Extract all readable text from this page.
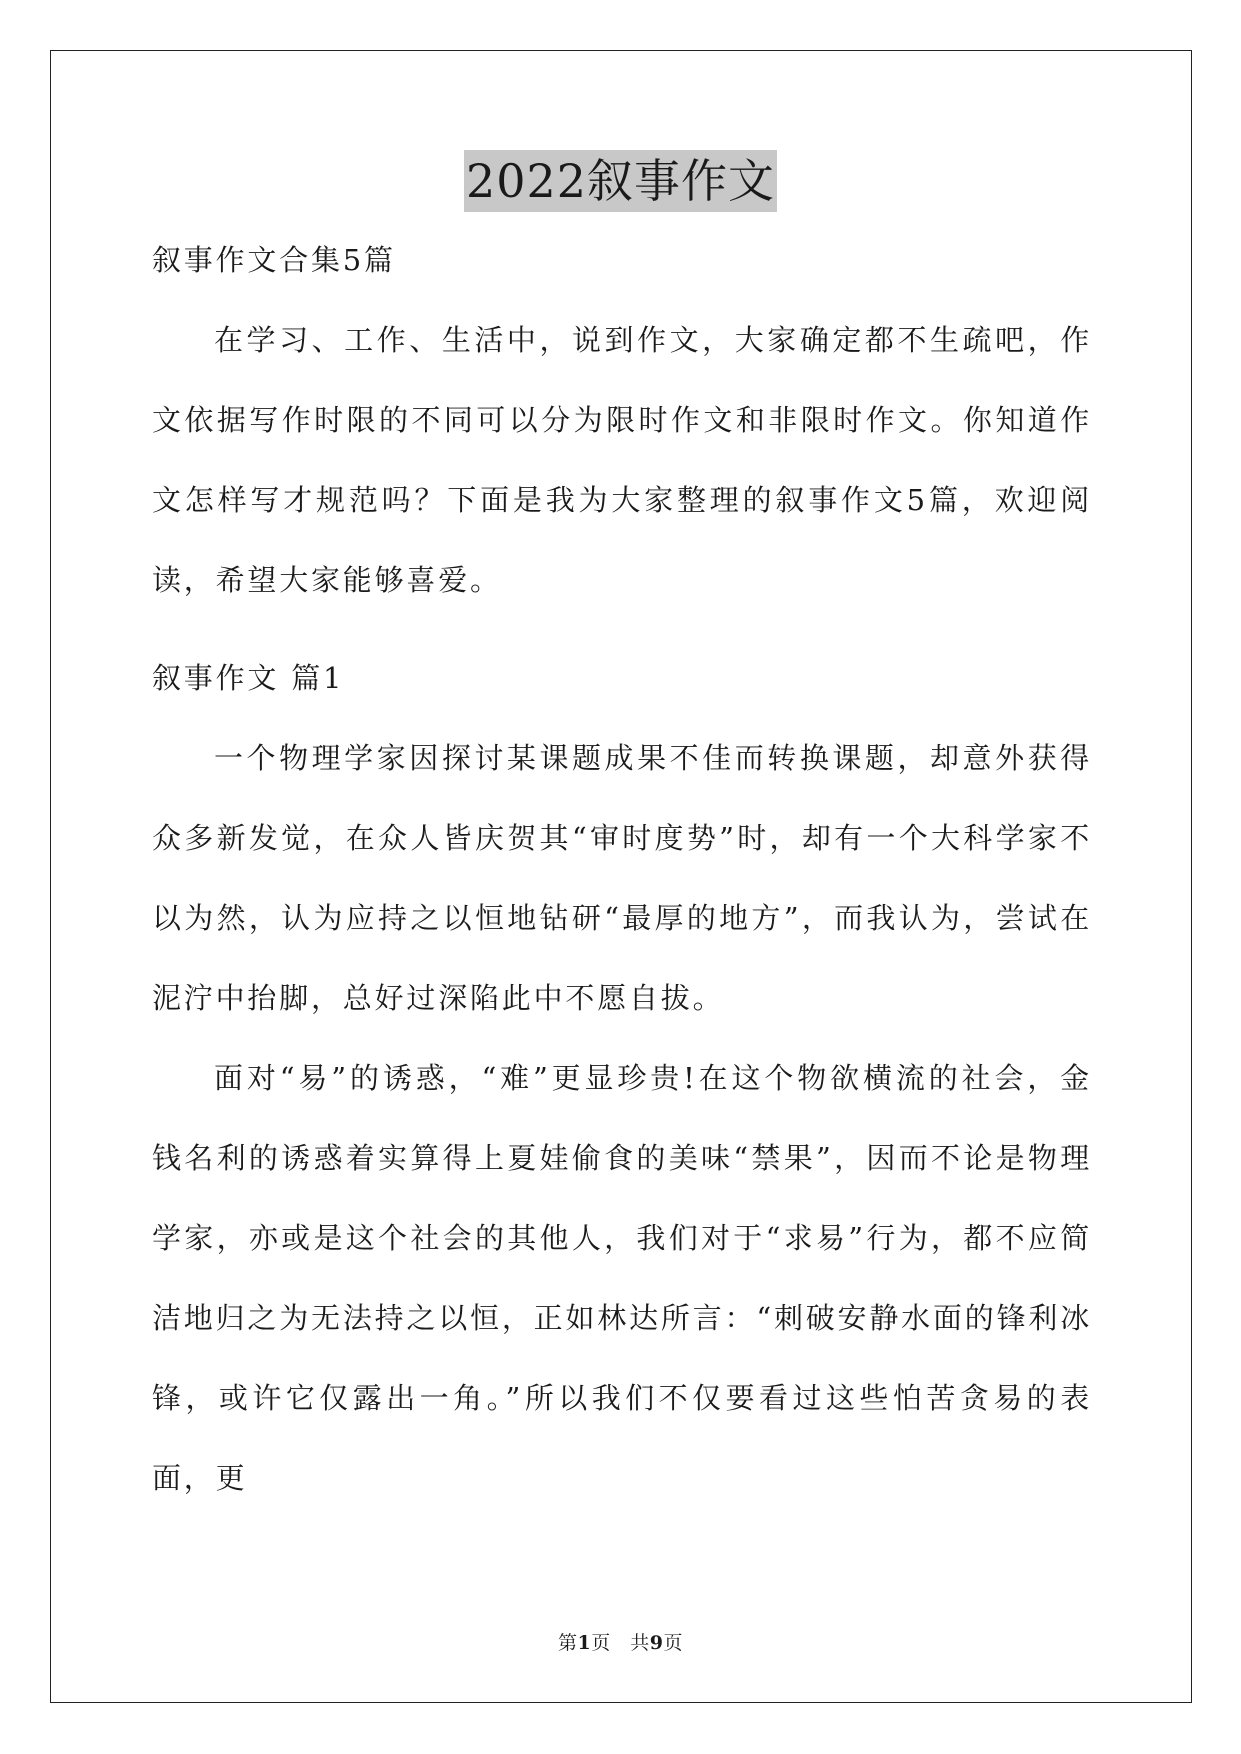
2022叙事作文

叙事作文合集5篇

在学习、工作、生活中，说到作文，大家确定都不生疏吧，作文依据写作时限的不同可以分为限时作文和非限时作文。你知道作文怎样写才规范吗？下面是我为大家整理的叙事作文5篇，欢迎阅读，希望大家能够喜爱。

叙事作文 篇1

一个物理学家因探讨某课题成果不佳而转换课题，却意外获得众多新发觉，在众人皆庆贺其“审时度势”时，却有一个大科学家不以为然，认为应持之以恒地钻研“最厚的地方”，而我认为，尝试在泥泞中抬脚，总好过深陷此中不愿自拔。

面对“易”的诱惑，“难”更显珍贵!在这个物欲横流的社会，金钱名利的诱惑着实算得上夏娃偷食的美味“禁果”，因而不论是物理学家，亦或是这个社会的其他人，我们对于“求易”行为，都不应简洁地归之为无法持之以恒，正如林达所言：“刺破安静水面的锋利冰锋，或许它仅露出一角。”所以我们不仅要看过这些怕苦贪易的表面，更

第1页　共9页
